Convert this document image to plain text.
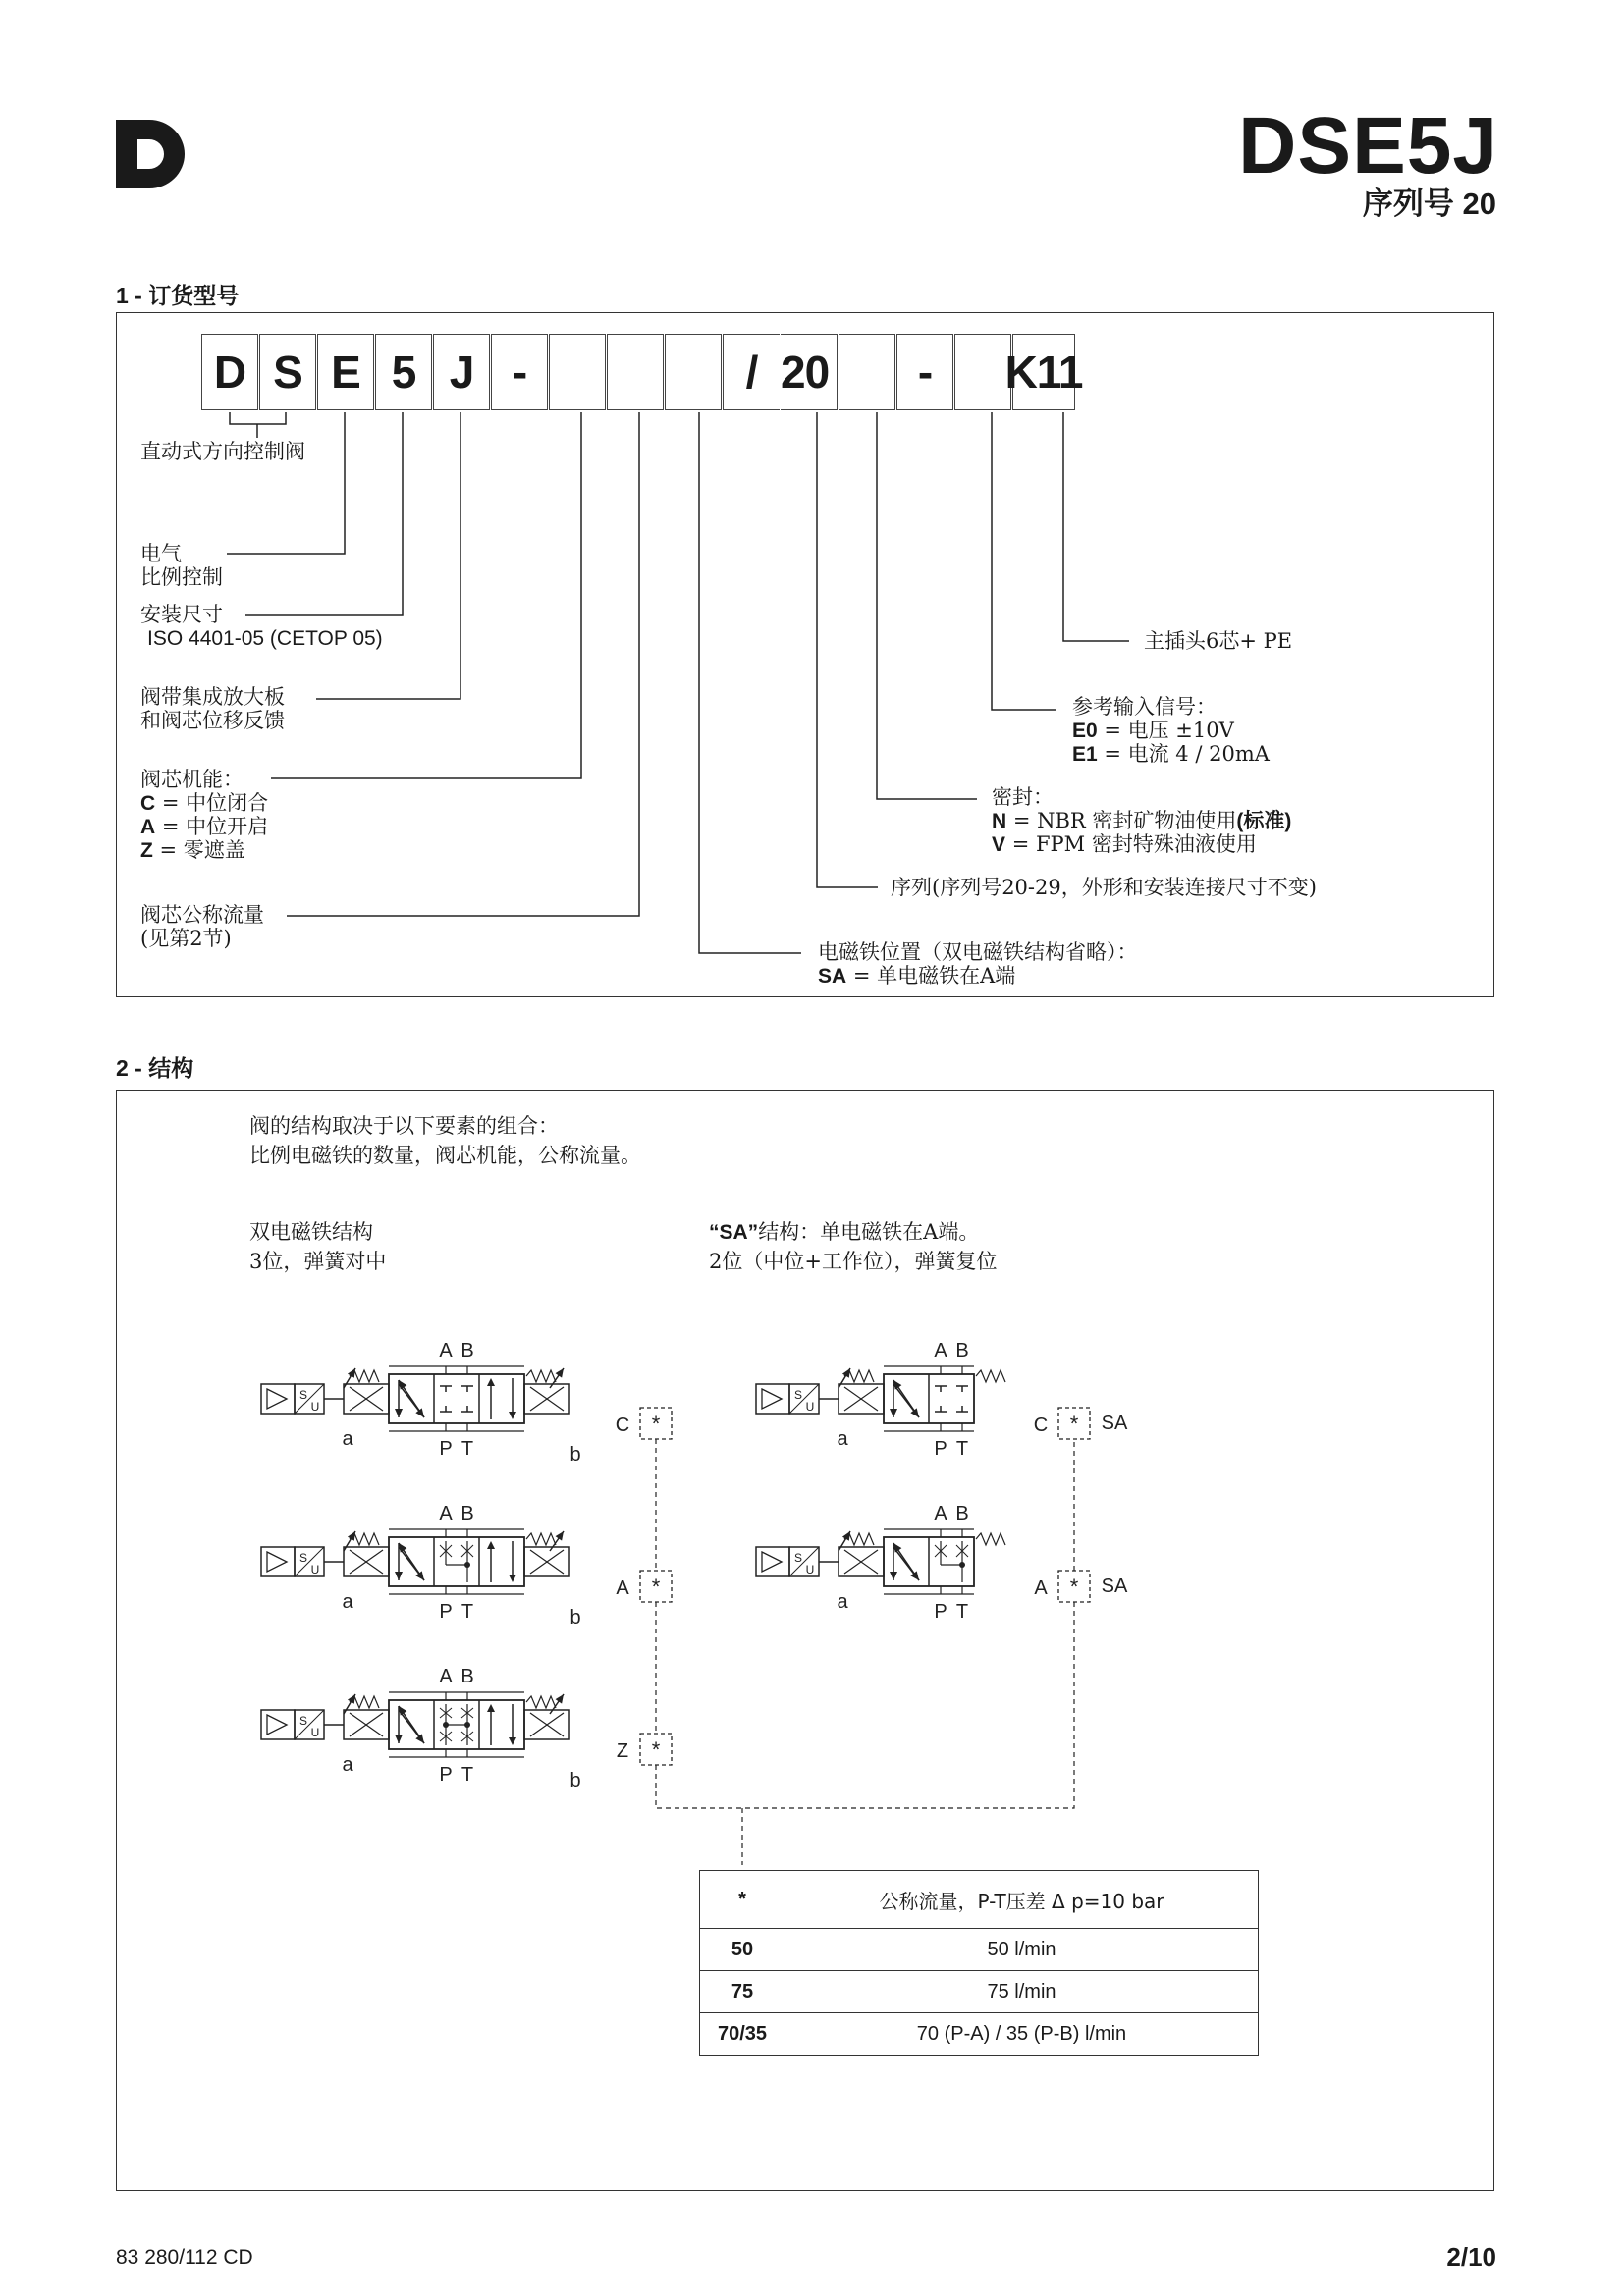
DSE5J
序列号 20
1 - 订货型号
D S E 5 J -	/ 20	-	K11
直动式方向控制阀
电气
比例控制
安装尺寸
ISO 4401-05 (CETOP 05)
阀带集成放大板
和阀芯位移反馈
阀芯机能：
C = 中位闭合
A = 中位开启
Z = 零遮盖
阀芯公称流量
(见第2节)
主插头6芯+ PE
参考输入信号：
E0 = 电压 ±10V
E1 = 电流 4 / 20mA
密封：
N = NBR 密封矿物油使用(标准)
V = FPM 密封特殊油液使用
序列(序列号20-29，外形和安装连接尺寸不变)
电磁铁位置（双电磁铁结构省略）：
SA = 单电磁铁在A端
2 - 结构
阀的结构取决于以下要素的组合：
比例电磁铁的数量，阀芯机能，公称流量。
双电磁铁结构
3位，弹簧对中
“SA”结构：单电磁铁在A端。
2位（中位+工作位），弹簧复位
S
U
b
A B
P T
a
S
U
b
A B
P T
a
S
U
b
A B
P T
a
S
U
A B
P T
a
S
U
A B
P T
a
*
C
*
A
*
Z
*
C	SA
*
A	SA
*	公称流量，P-T压差 Δ p=10 bar
50	50 l/min
75	75 l/min
70/35	70 (P-A) / 35 (P-B) l/min
83 280/112 CD	2/10
